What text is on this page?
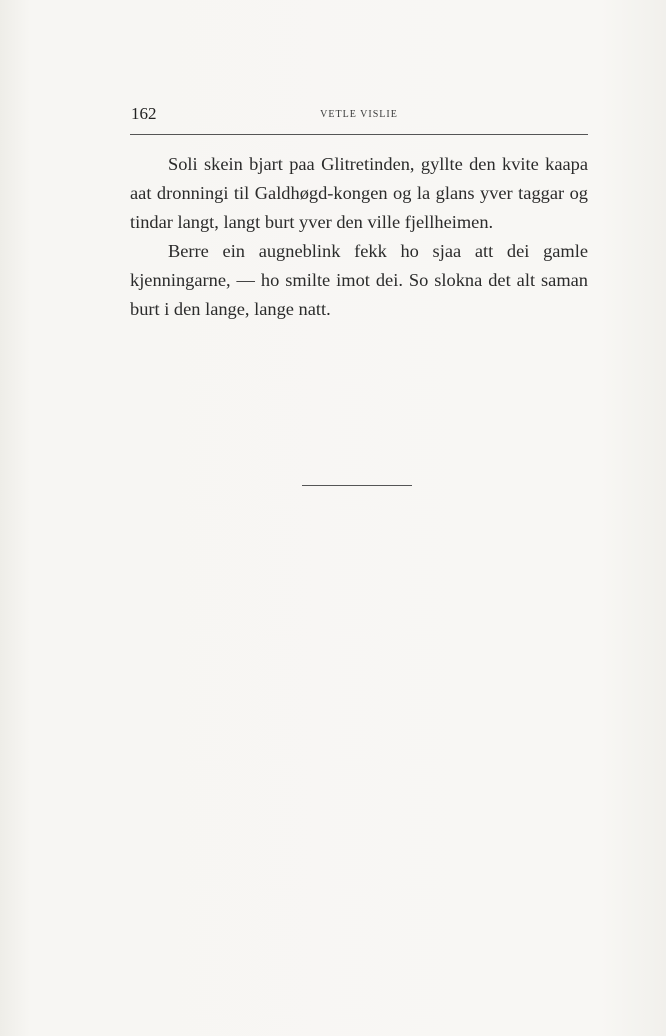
162	VETLE VISLIE

Soli skein bjart paa Glitretinden, gyllte den kvite kaapa aat dronningi til Galdhøgd-kongen og la glans yver taggar og tindar langt, langt burt yver den ville fjellheimen.

Berre ein augneblink fekk ho sjaa att dei gamle kjenningarne, — ho smilte imot dei. So slokna det alt saman burt i den lange, lange natt.
